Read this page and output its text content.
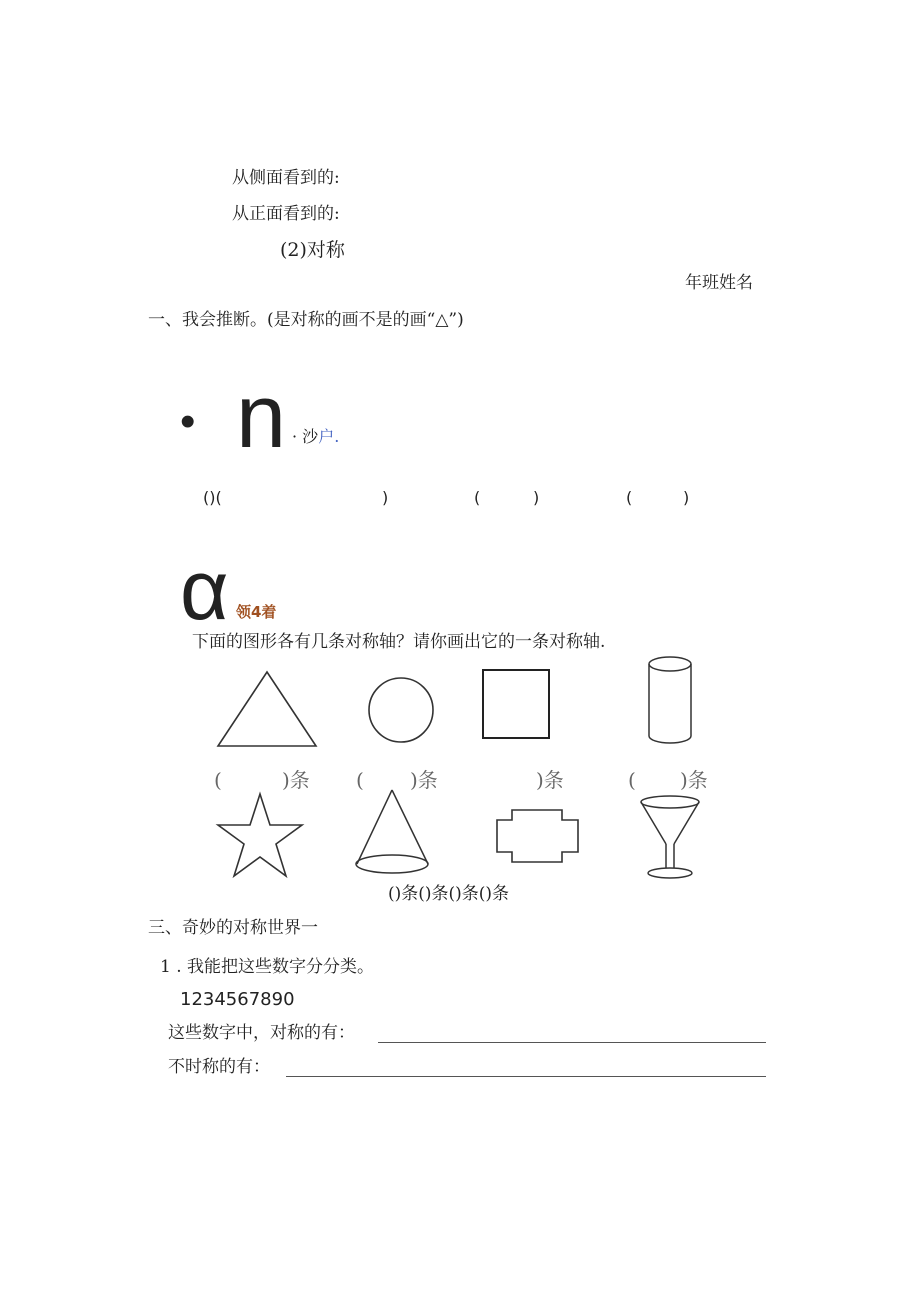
从侧面看到的:
从正面看到的:
(2)对称
年班姓名
一、我会推断。(是对称的画不是的画“△”)
• n · 沙户.
()(	)	(	)	(	)
α 领4着
下面的图形各有几条对称轴？请你画出它的一条对称轴.
(	)条 ( )条	)条	( )条
()条()条()条()条
三、奇妙的对称世界一
1 . 我能把这些数字分分类。
1234567890
这些数字中，对称的有：
不时称的有：
